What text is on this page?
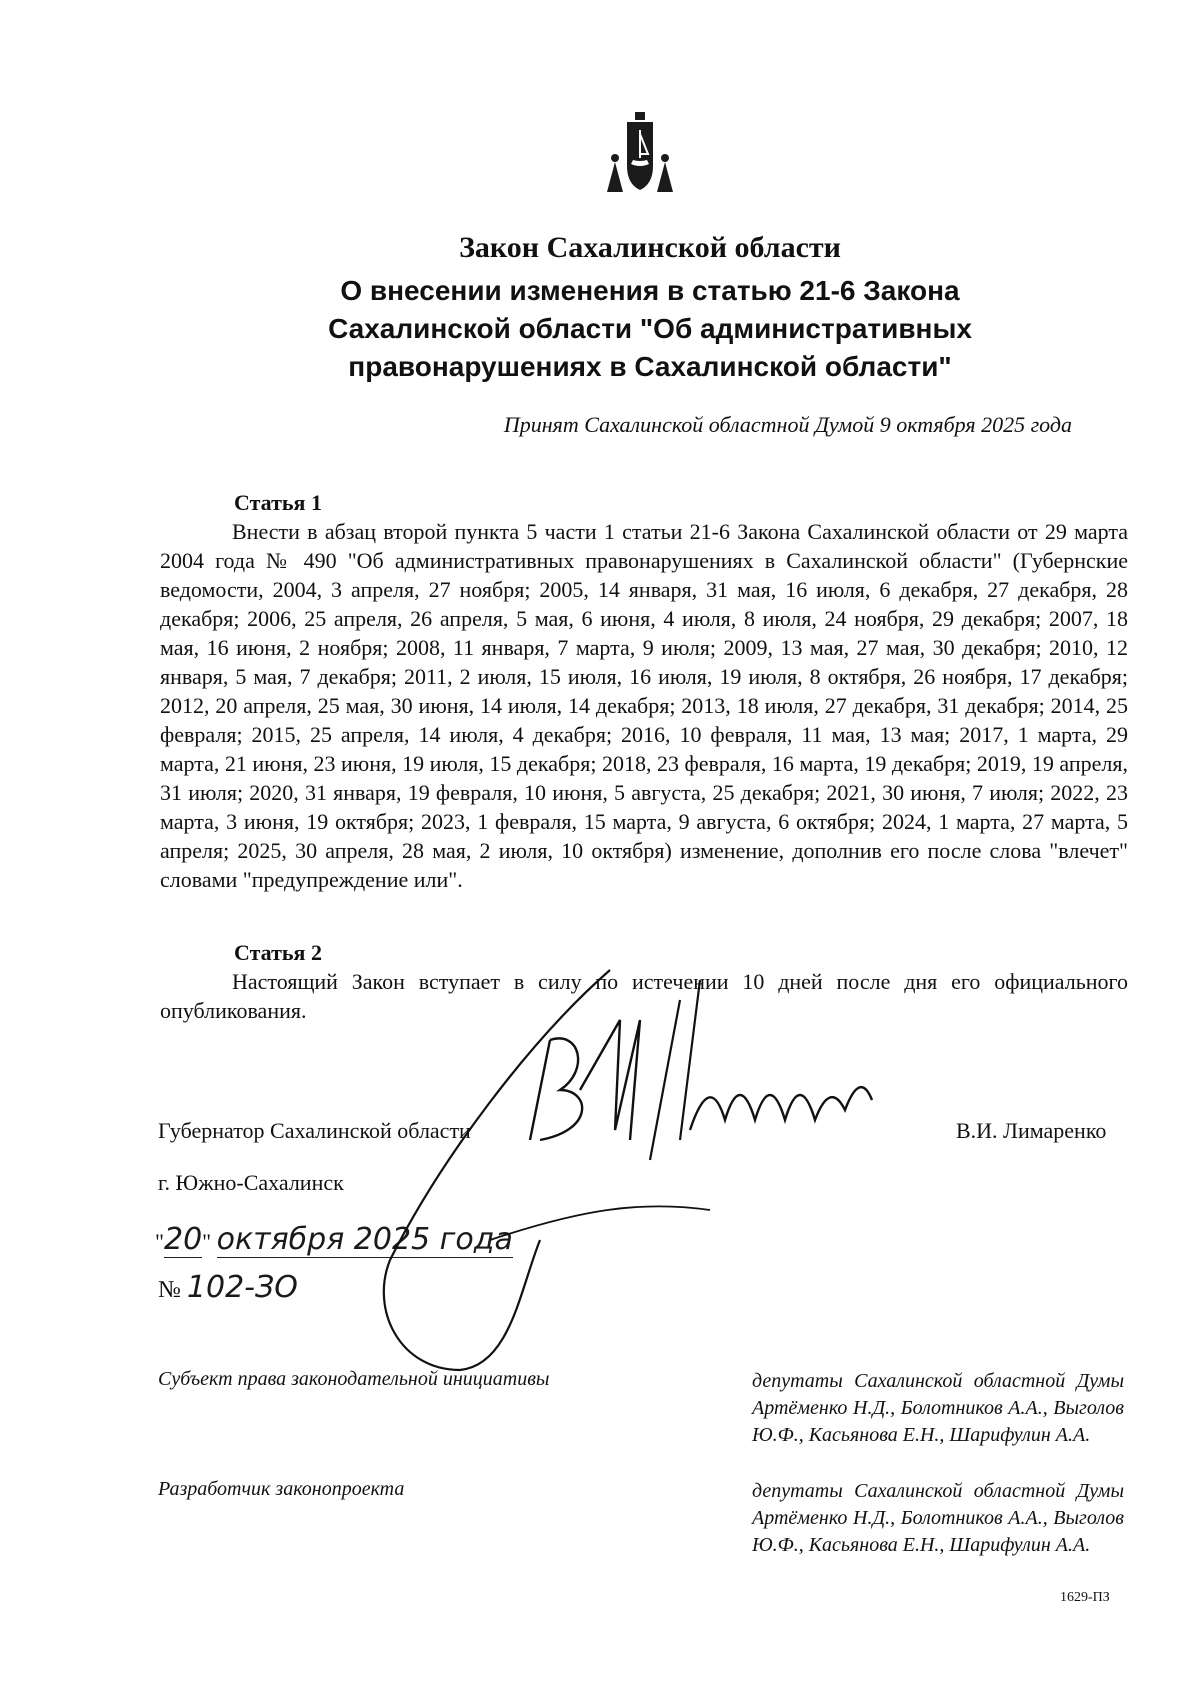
Закон Сахалинской области

О внесении изменения в статью 21-6 Закона

Сахалинской области "Об административных

правонарушениях в Сахалинской области"

Принят Сахалинской областной Думой 9 октября 2025 года

Статья 1

Внести в абзац второй пункта 5 части 1 статьи 21-6 Закона Сахалинской области от 29 марта 2004 года № 490 "Об административных правонарушениях в Сахалинской области" (Губернские ведомости, 2004, 3 апреля, 27 ноября; 2005, 14 января, 31 мая, 16 июля, 6 декабря, 27 декабря, 28 декабря; 2006, 25 апреля, 26 апреля, 5 мая, 6 июня, 4 июля, 8 июля, 24 ноября, 29 декабря; 2007, 18 мая, 16 июня, 2 ноября; 2008, 11 января, 7 марта, 9 июля; 2009, 13 мая, 27 мая, 30 декабря; 2010, 12 января, 5 мая, 7 декабря; 2011, 2 июля, 15 июля, 16 июля, 19 июля, 8 октября, 26 ноября, 17 декабря; 2012, 20 апреля, 25 мая, 30 июня, 14 июля, 14 декабря; 2013, 18 июля, 27 декабря, 31 декабря; 2014, 25 февраля; 2015, 25 апреля, 14 июля, 4 декабря; 2016, 10 февраля, 11 мая, 13 мая; 2017, 1 марта, 29 марта, 21 июня, 23 июня, 19 июля, 15 декабря; 2018, 23 февраля, 16 марта, 19 декабря; 2019, 19 апреля, 31 июля; 2020, 31 января, 19 февраля, 10 июня, 5 августа, 25 декабря; 2021, 30 июня, 7 июля; 2022, 23 марта, 3 июня, 19 октября; 2023, 1 февраля, 15 марта, 9 августа, 6 октября; 2024, 1 марта, 27 марта, 5 апреля; 2025, 30 апреля, 28 мая, 2 июля, 10 октября) изменение, дополнив его после слова "влечет" словами "предупреждение или".

Статья 2

Настоящий Закон вступает в силу по истечении 10 дней после дня его официального опубликования.

Губернатор Сахалинской области	В.И. Лимаренко
г. Южно-Сахалинск
"20" октября 2025 года
№ 102-ЗО
Субъект права законодательной инициативы	депутаты Сахалинской областной Думы Артёменко Н.Д., Болотников А.А., Выголов Ю.Ф., Касьянова Е.Н., Шарифулин А.А.
Разработчик законопроекта	депутаты Сахалинской областной Думы Артёменко Н.Д., Болотников А.А., Выголов Ю.Ф., Касьянова Е.Н., Шарифулин А.А.
1629-ПЗ
